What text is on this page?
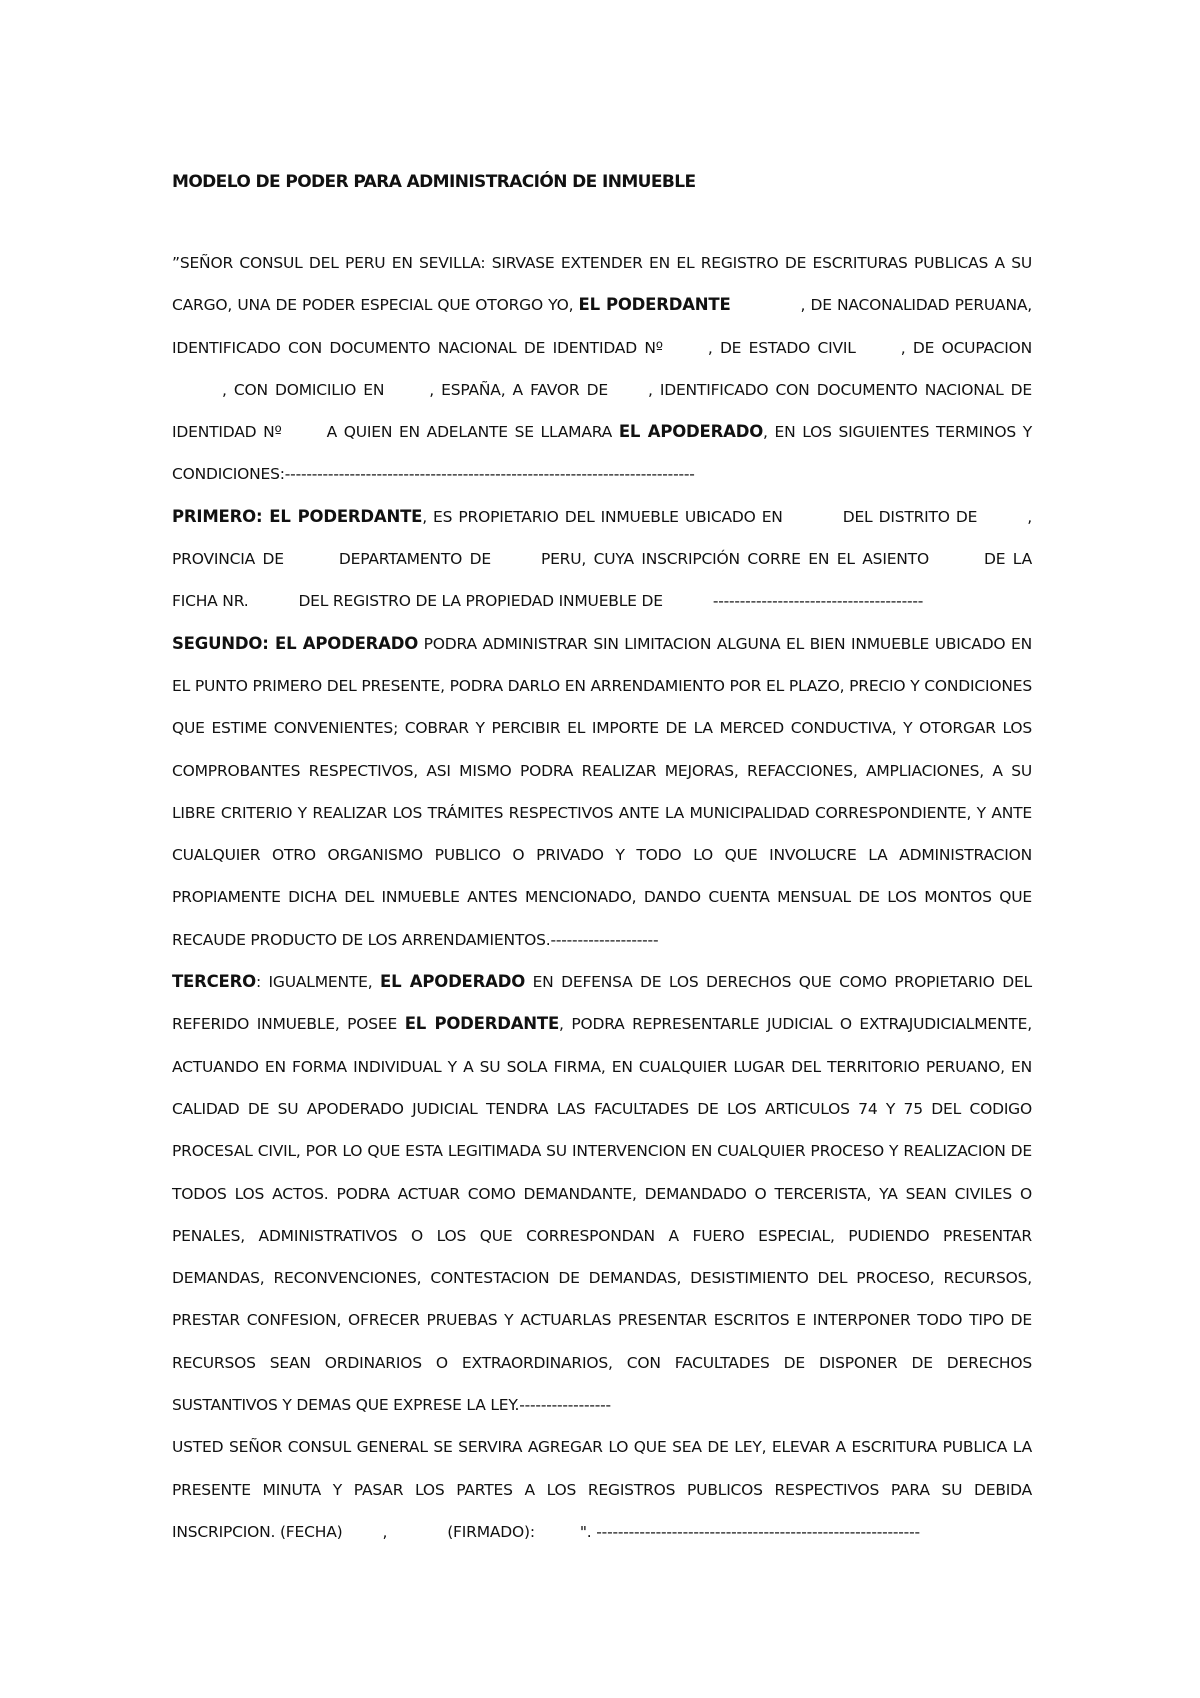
MODELO DE PODER PARA ADMINISTRACIÓN DE INMUEBLE

”SEÑOR CONSUL DEL PERU EN SEVILLA: SIRVASE EXTENDER EN EL REGISTRO DE ESCRITURAS PUBLICAS A SU CARGO, UNA DE PODER ESPECIAL QUE OTORGO YO, EL PODERDANTE	, DE NACONALIDAD PERUANA, IDENTIFICADO CON DOCUMENTO NACIONAL DE IDENTIDAD Nº	, DE ESTADO CIVIL	, DE OCUPACION, CON DOMICILIO EN	, ESPAÑA, A FAVOR DE	, IDENTIFICADO CON DOCUMENTO NACIONAL DE IDENTIDAD Nº	A QUIEN EN ADELANTE SE LLAMARA EL APODERADO, EN LOS SIGUIENTES TERMINOS Y CONDICIONES:----------------------------------------------------------------------------

PRIMERO: EL PODERDANTE, ES PROPIETARIO DEL INMUEBLE UBICADO EN	DEL DISTRITO DE	, PROVINCIA DE	DEPARTAMENTO DE	PERU, CUYA INSCRIPCIÓN CORRE EN EL ASIENTO	DE LA FICHA NR.	DEL REGISTRO DE LA PROPIEDAD INMUEBLE DE	---------------------------------------

SEGUNDO: EL APODERADO PODRA ADMINISTRAR SIN LIMITACION ALGUNA EL BIEN INMUEBLE UBICADO EN EL PUNTO PRIMERO DEL PRESENTE, PODRA DARLO EN ARRENDAMIENTO POR EL PLAZO, PRECIO Y CONDICIONES QUE ESTIME CONVENIENTES; COBRAR Y PERCIBIR EL IMPORTE DE LA MERCED CONDUCTIVA, Y OTORGAR LOS COMPROBANTES RESPECTIVOS, ASI MISMO PODRA REALIZAR MEJORAS, REFACCIONES, AMPLIACIONES, A SU LIBRE CRITERIO Y REALIZAR LOS TRÁMITES RESPECTIVOS ANTE LA MUNICIPALIDAD CORRESPONDIENTE, Y ANTE CUALQUIER OTRO ORGANISMO PUBLICO O PRIVADO Y TODO LO QUE INVOLUCRE LA ADMINISTRACION PROPIAMENTE DICHA DEL INMUEBLE ANTES MENCIONADO, DANDO CUENTA MENSUAL DE LOS MONTOS QUE RECAUDE PRODUCTO DE LOS ARRENDAMIENTOS.--------------------

TERCERO: IGUALMENTE, EL APODERADO EN DEFENSA DE LOS DERECHOS QUE COMO PROPIETARIO DEL REFERIDO INMUEBLE, POSEE EL PODERDANTE, PODRA REPRESENTARLE JUDICIAL O EXTRAJUDICIALMENTE, ACTUANDO EN FORMA INDIVIDUAL Y A SU SOLA FIRMA, EN CUALQUIER LUGAR DEL TERRITORIO PERUANO, EN CALIDAD DE SU APODERADO JUDICIAL TENDRA LAS FACULTADES DE LOS ARTICULOS 74 Y 75 DEL CODIGO PROCESAL CIVIL, POR LO QUE ESTA LEGITIMADA SU INTERVENCION EN CUALQUIER PROCESO Y REALIZACION DE TODOS LOS ACTOS. PODRA ACTUAR COMO DEMANDANTE, DEMANDADO O TERCERISTA, YA SEAN CIVILES O PENALES, ADMINISTRATIVOS O LOS QUE CORRESPONDAN A FUERO ESPECIAL, PUDIENDO PRESENTAR DEMANDAS, RECONVENCIONES, CONTESTACION DE DEMANDAS, DESISTIMIENTO DEL PROCESO, RECURSOS, PRESTAR CONFESION, OFRECER PRUEBAS Y ACTUARLAS PRESENTAR ESCRITOS E INTERPONER TODO TIPO DE RECURSOS SEAN ORDINARIOS O EXTRAORDINARIOS, CON FACULTADES DE DISPONER DE DERECHOS SUSTANTIVOS Y DEMAS QUE EXPRESE LA LEY.-----------------

USTED SEÑOR CONSUL GENERAL SE SERVIRA AGREGAR LO QUE SEA DE LEY, ELEVAR A ESCRITURA PUBLICA LA PRESENTE MINUTA Y PASAR LOS PARTES A LOS REGISTROS PUBLICOS RESPECTIVOS PARA SU DEBIDA INSCRIPCION. (FECHA)	,	(FIRMADO):	". ------------------------------------------------------------
